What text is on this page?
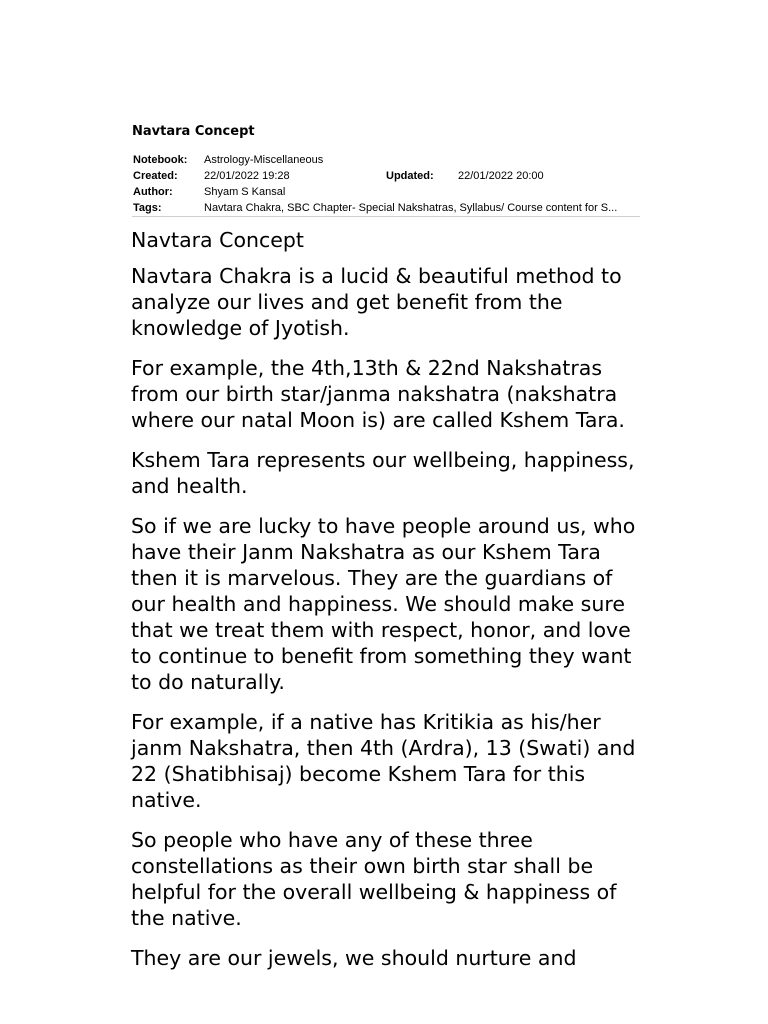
Navtara Concept
Notebook: Astrology-Miscellaneous
Created: 22/01/2022 19:28	Updated: 22/01/2022 20:00
Author:	Shyam S Kansal
Tags:	Navtara Chakra, SBC Chapter- Special Nakshatras, Syllabus/ Course content for S...

Navtara Concept

Navtara Chakra is a lucid & beautiful method to analyze our lives and get benefit from the knowledge of Jyotish.

For example, the 4th,13th & 22nd Nakshatras from our birth star/janma nakshatra (nakshatra where our natal Moon is) are called Kshem Tara.

Kshem Tara represents our wellbeing, happiness, and health.

So if we are lucky to have people around us, who have their Janm Nakshatra as our Kshem Tara then it is marvelous. They are the guardians of our health and happiness. We should make sure that we treat them with respect, honor, and love to continue to benefit from something they want to do naturally.

For example, if a native has Kritikia as his/her janm Nakshatra, then 4th (Ardra), 13 (Swati) and 22 (Shatibhisaj) become Kshem Tara for this native.

So people who have any of these three constellations as their own birth star shall be helpful for the overall wellbeing & happiness of the native.

They are our jewels, we should nurture and
